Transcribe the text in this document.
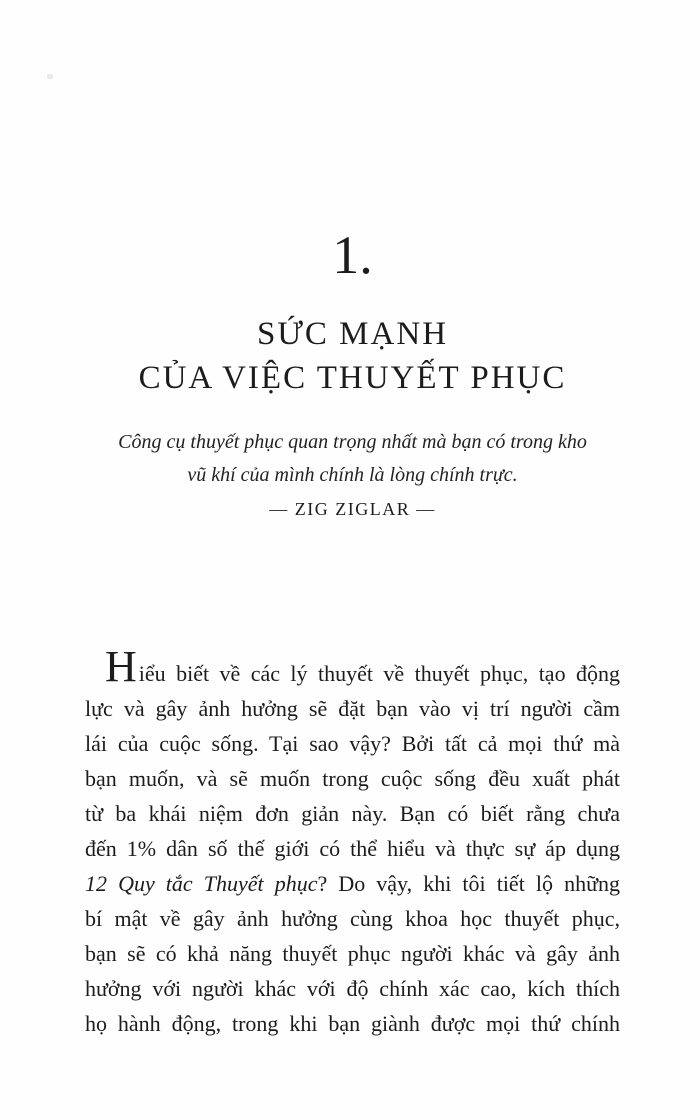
1.
SỨC MẠNH
CỦA VIỆC THUYẾT PHỤC
Công cụ thuyết phục quan trọng nhất mà bạn có trong kho
vũ khí của mình chính là lòng chính trực.
— ZIG ZIGLAR —
Hiểu biết về các lý thuyết về thuyết phục, tạo động
lực và gây ảnh hưởng sẽ đặt bạn vào vị trí người cầm
lái của cuộc sống. Tại sao vậy? Bởi tất cả mọi thứ mà
bạn muốn, và sẽ muốn trong cuộc sống đều xuất phát
từ ba khái niệm đơn giản này. Bạn có biết rằng chưa
đến 1% dân số thế giới có thể hiểu và thực sự áp dụng
12 Quy tắc Thuyết phục? Do vậy, khi tôi tiết lộ những
bí mật về gây ảnh hưởng cùng khoa học thuyết phục,
bạn sẽ có khả năng thuyết phục người khác và gây ảnh
hưởng với người khác với độ chính xác cao, kích thích
họ hành động, trong khi bạn giành được mọi thứ chính
